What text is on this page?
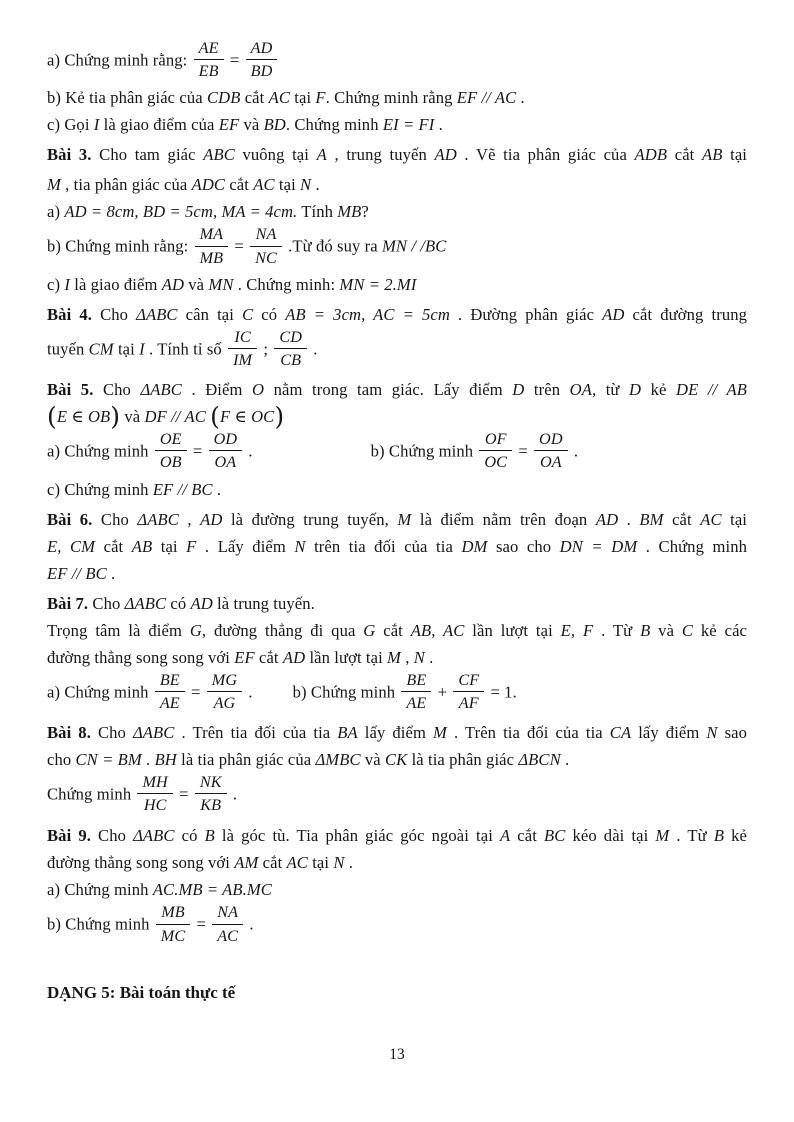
a) Chứng minh rằng: $\frac{AE}{EB} = \frac{AD}{BD}$
b) Kẻ tia phân giác của CDB cắt AC tại F. Chứng minh rằng EF // AC .
c) Gọi I là giao điểm của EF và BD. Chứng minh EI = FI .
Bài 3. Cho tam giác ABC vuông tại A , trung tuyến AD . Vẽ tia phân giác của ADB cắt AB tại
M , tia phân giác của ADC cắt AC tại N .
a) AD = 8cm, BD = 5cm, MA = 4cm. Tính MB?
b) Chứng minh rằng: $\frac{MA}{MB} = \frac{NA}{NC}$ .Từ đó suy ra MN / /BC
c) I là giao điểm AD và MN . Chứng minh: MN = 2.MI
Bài 4. Cho ΔABC cân tại C có AB = 3cm, AC = 5cm . Đường phân giác AD cắt đường trung
tuyến CM tại I . Tính tỉ số $\frac{IC}{IM}$ ; $\frac{CD}{CB}$ .
Bài 5. Cho ΔABC . Điểm O nằm trong tam giác. Lấy điểm D trên OA, từ D kẻ DE // AB
(E ∈ OB) và DF // AC (F ∈ OC)
a) Chứng minh $\frac{OE}{OB} = \frac{OD}{OA}$ .	b) Chứng minh $\frac{OF}{OC} = \frac{OD}{OA}$ .
c) Chứng minh EF // BC .
Bài 6. Cho ΔABC , AD là đường trung tuyến, M là điểm nằm trên đoạn AD . BM cắt AC tại
E, CM cắt AB tại F . Lấy điểm N trên tia đối của tia DM sao cho DN = DM . Chứng minh
EF // BC .
Bài 7. Cho ΔABC có AD là trung tuyến.
Trọng tâm là điểm G, đường thẳng đi qua G cắt AB, AC lần lượt tại E, F . Từ B và C kẻ các
đường thẳng song song với EF cắt AD lần lượt tại M , N .
a) Chứng minh $\frac{BE}{AE} = \frac{MG}{AG}$ . b) Chứng minh $\frac{BE}{AE} + \frac{CF}{AF} = 1$.
Bài 8. Cho ΔABC . Trên tia đối của tia BA lấy điểm M . Trên tia đối của tia CA lấy điểm N sao
cho CN = BM . BH là tia phân giác của ΔMBC và CK là tia phân giác ΔBCN .
Chứng minh $\frac{MH}{HC} = \frac{NK}{KB}$ .
Bài 9. Cho ΔABC có B là góc tù. Tia phân giác góc ngoài tại A cắt BC kéo dài tại M . Từ B kẻ
đường thẳng song song với AM cắt AC tại N .
a) Chứng minh AC.MB = AB.MC
b) Chứng minh $\frac{MB}{MC} = \frac{NA}{AC}$ .
DẠNG 5: Bài toán thực tế
13
